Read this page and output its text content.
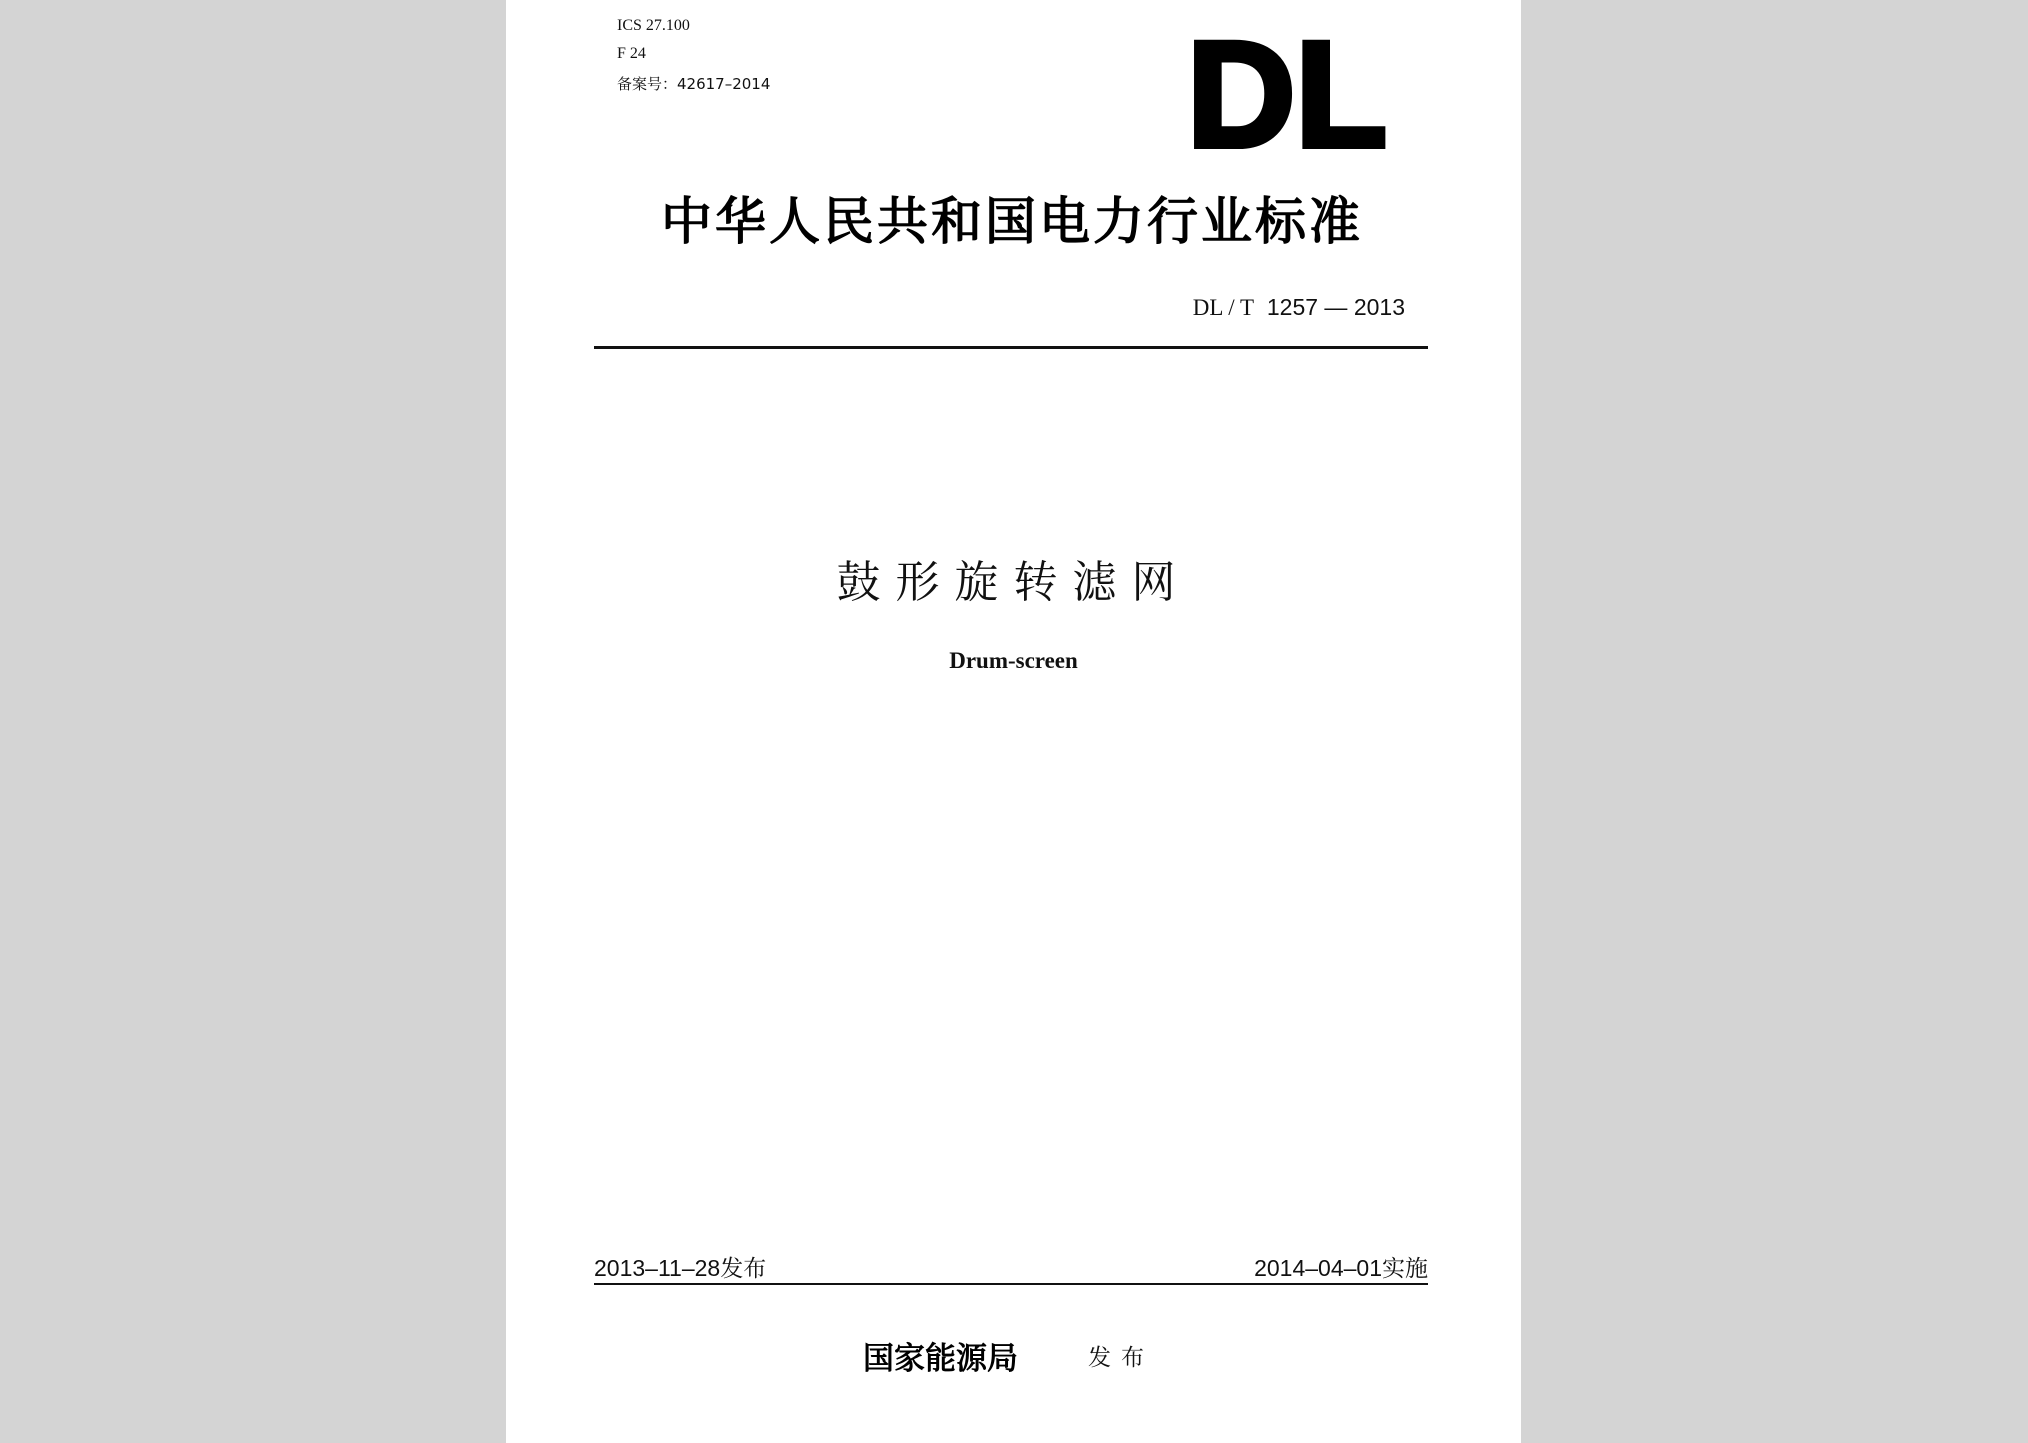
ICS 27.100
F 24
备案号：42617–2014	DL
中华人民共和国电力行业标准
DL / T 1257 — 2013
鼓形旋转滤网
Drum-screen
2013–11–28发布	2014–04–01实施
国家能源局	发布
